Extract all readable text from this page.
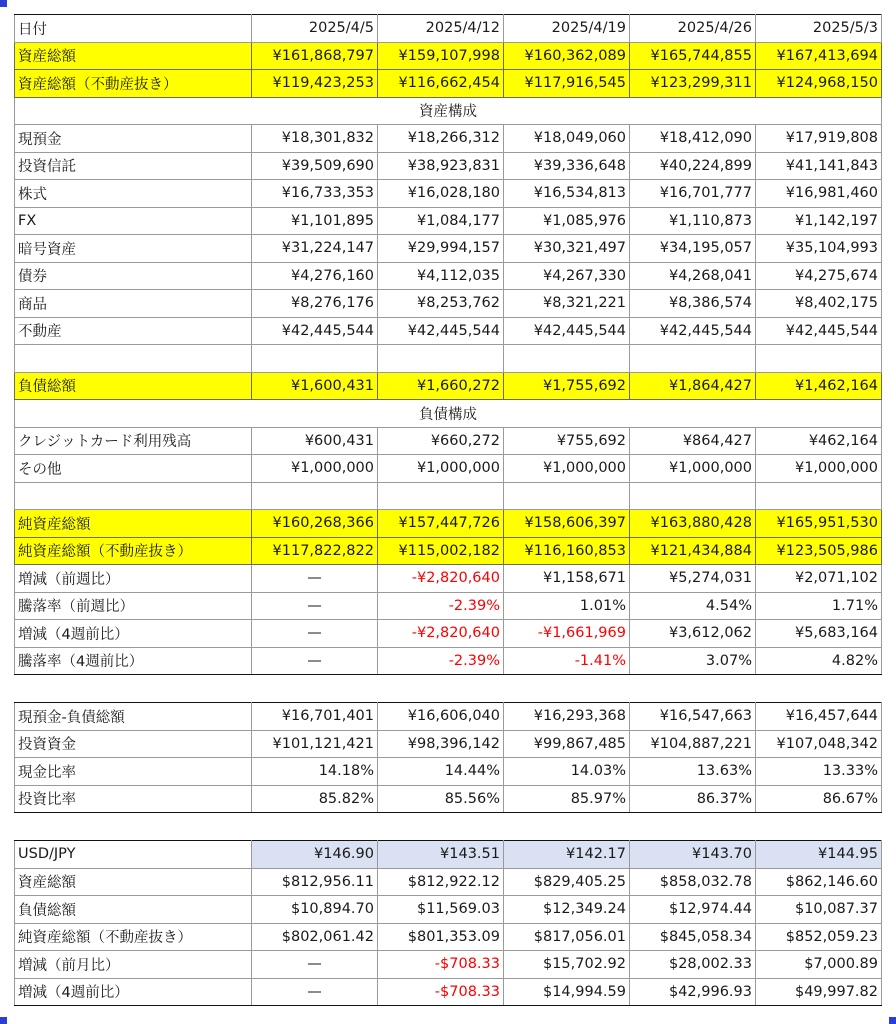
日付	2025/4/5	2025/4/12	2025/4/19	2025/4/26	2025/5/3
資産総額	¥161,868,797	¥159,107,998	¥160,362,089	¥165,744,855	¥167,413,694
資産総額（不動産抜き）	¥119,423,253	¥116,662,454	¥117,916,545	¥123,299,311	¥124,968,150
資産構成					
現預金	¥18,301,832	¥18,266,312	¥18,049,060	¥18,412,090	¥17,919,808
投資信託	¥39,509,690	¥38,923,831	¥39,336,648	¥40,224,899	¥41,141,843
株式	¥16,733,353	¥16,028,180	¥16,534,813	¥16,701,777	¥16,981,460
FX	¥1,101,895	¥1,084,177	¥1,085,976	¥1,110,873	¥1,142,197
暗号資産	¥31,224,147	¥29,994,157	¥30,321,497	¥34,195,057	¥35,104,993
債券	¥4,276,160	¥4,112,035	¥4,267,330	¥4,268,041	¥4,275,674
商品	¥8,276,176	¥8,253,762	¥8,321,221	¥8,386,574	¥8,402,175
不動産	¥42,445,544	¥42,445,544	¥42,445,544	¥42,445,544	¥42,445,544

負債総額	¥1,600,431	¥1,660,272	¥1,755,692	¥1,864,427	¥1,462,164
負債構成					
クレジットカード利用残高	¥600,431	¥660,272	¥755,692	¥864,427	¥462,164
その他	¥1,000,000	¥1,000,000	¥1,000,000	¥1,000,000	¥1,000,000

純資産総額	¥160,268,366	¥157,447,726	¥158,606,397	¥163,880,428	¥165,951,530
純資産総額（不動産抜き）	¥117,822,822	¥115,002,182	¥116,160,853	¥121,434,884	¥123,505,986
増減（前週比）	—	-¥2,820,640	¥1,158,671	¥5,274,031	¥2,071,102
騰落率（前週比）	—	-2.39%	1.01%	4.54%	1.71%
増減（4週前比）	—	-¥2,820,640	-¥1,661,969	¥3,612,062	¥5,683,164
騰落率（4週前比）	—	-2.39%	-1.41%	3.07%	4.82%

現預金-負債総額	¥16,701,401	¥16,606,040	¥16,293,368	¥16,547,663	¥16,457,644
投資資金	¥101,121,421	¥98,396,142	¥99,867,485	¥104,887,221	¥107,048,342
現金比率	14.18%	14.44%	14.03%	13.63%	13.33%
投資比率	85.82%	85.56%	85.97%	86.37%	86.67%

USD/JPY	¥146.90	¥143.51	¥142.17	¥143.70	¥144.95
資産総額	$812,956.11	$812,922.12	$829,405.25	$858,032.78	$862,146.60
負債総額	$10,894.70	$11,569.03	$12,349.24	$12,974.44	$10,087.37
純資産総額（不動産抜き）	$802,061.42	$801,353.09	$817,056.01	$845,058.34	$852,059.23
増減（前月比）	—	-$708.33	$15,702.92	$28,002.33	$7,000.89
増減（4週前比）	—	-$708.33	$14,994.59	$42,996.93	$49,997.82
